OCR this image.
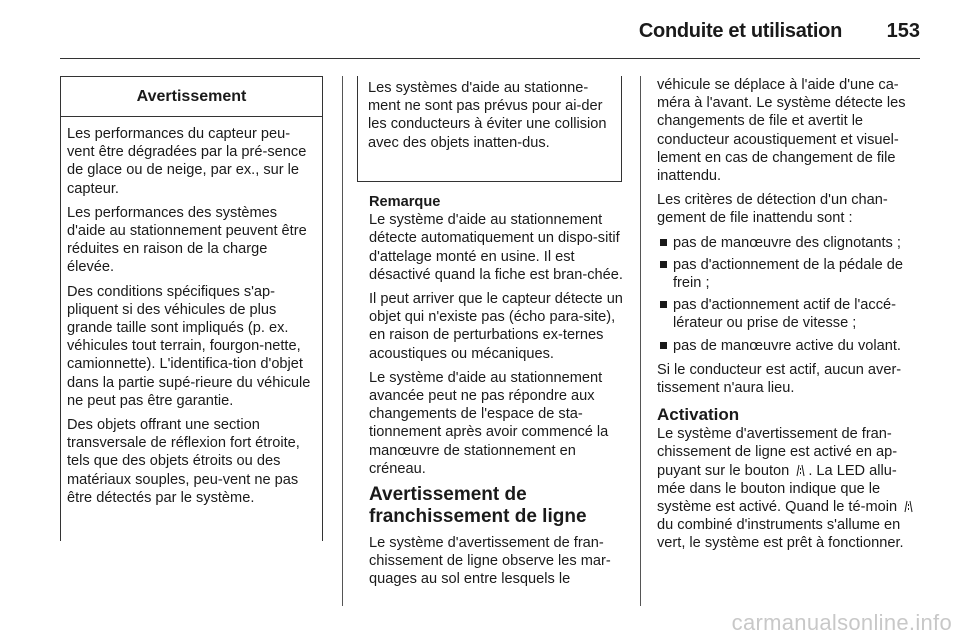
Conduite et utilisation 153
Avertissement

Les performances du capteur peu-vent être dégradées par la pré-sence de glace ou de neige, par ex., sur le capteur.

Les performances des systèmes d'aide au stationnement peuvent être réduites en raison de la charge élevée.

Des conditions spécifiques s'ap-pliquent si des véhicules de plus grande taille sont impliqués (p. ex. véhicules tout terrain, fourgon-nette, camionnette). L'identifica-tion d'objet dans la partie supé-rieure du véhicule ne peut pas être garantie.

Des objets offrant une section transversale de réflexion fort étroite, tels que des objets étroits ou des matériaux souples, peu-vent ne pas être détectés par le système.

Les systèmes d'aide au stationne-ment ne sont pas prévus pour ai-der les conducteurs à éviter une collision avec des objets inatten-dus.
Remarque

Le système d'aide au stationnement détecte automatiquement un dispo-sitif d'attelage monté en usine. Il est désactivé quand la fiche est bran-chée.

Il peut arriver que le capteur détecte un objet qui n'existe pas (écho para-site), en raison de perturbations ex-ternes acoustiques ou mécaniques.

Le système d'aide au stationnement avancée peut ne pas répondre aux changements de l'espace de sta-tionnement après avoir commencé la manœuvre de stationnement en créneau.

Avertissement de
franchissement de ligne

Le système d'avertissement de fran-chissement de ligne observe les mar-quages au sol entre lesquels le

véhicule se déplace à l'aide d'une ca-méra à l'avant. Le système détecte les changements de file et avertit le conducteur acoustiquement et visuel-lement en cas de changement de file inattendu.

Les critères de détection d'un chan-gement de file inattendu sont :

pas de manœuvre des clignotants ;
pas d'actionnement de la pédale de frein ;
pas d'actionnement actif de l'accé-lérateur ou prise de vitesse ;
pas de manœuvre active du volant.

Si le conducteur est actif, aucun aver-tissement n'aura lieu.

Activation

Le système d'avertissement de fran-chissement de ligne est activé en ap-puyant sur le bouton . La LED allu-mée dans le bouton indique que le système est activé. Quand le té-moin  du combiné d'instruments s'allume en vert, le système est prêt à fonctionner.

carmanualsonline.info
